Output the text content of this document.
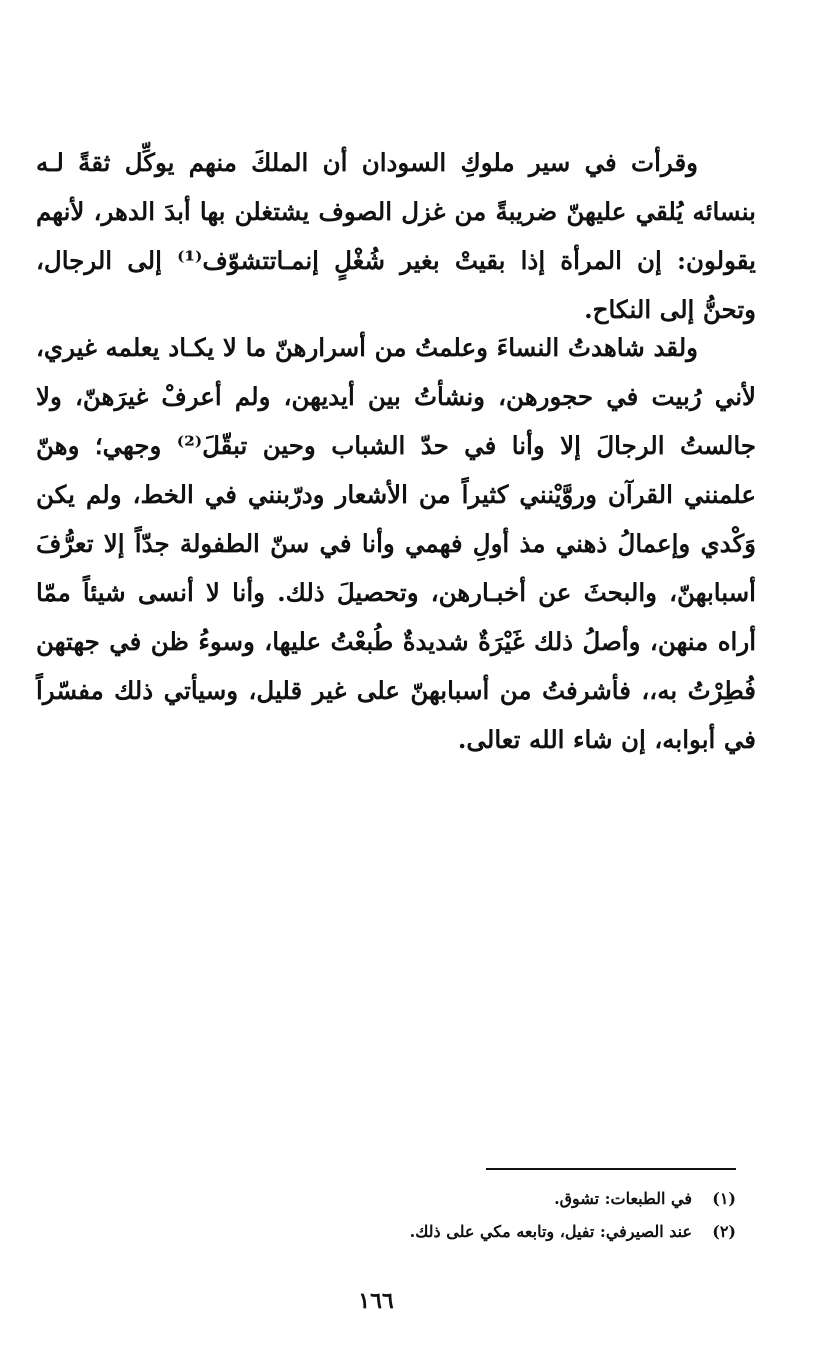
وقرأت في سير ملوكِ السودان أن الملكَ منهم يوكِّل ثقةً لـه بنسائه يُلقي عليهنّ ضريبةً من غزل الصوف يشتغلن بها أبدَ الدهر، لأنهم يقولون: إن المرأة إذا بقيتْ بغير شُغْلٍ إنمـاتتشوّف⁽¹⁾ إلى الرجال، وتحنُّ إلى النكاح.

ولقد شاهدتُ النساءَ وعلمتُ من أسرارهنّ ما لا يكـاد يعلمه غيري، لأني رُبيت في حجورهن، ونشأتُ بين أيديهن، ولم أعرفْ غيرَهنّ، ولا جالستُ الرجالَ إلا وأنا في حدّ الشباب وحين تبقّلَ⁽²⁾ وجهي؛ وهنّ علمنني القرآن وروَّيْنني كثيراً من الأشعار ودرّبنني في الخط، ولم يكن وَكْدي وإعمالُ ذهني مذ أولِ فهمي وأنا في سنّ الطفولة جدّاً إلا تعرُّفَ أسبابهنّ، والبحثَ عن أخبـارهن، وتحصيلَ ذلك. وأنا لا أنسى شيئاً ممّا أراه منهن، وأصلُ ذلك غَيْرَةٌ شديدةٌ طُبعْتُ عليها، وسوءُ ظن في جهتهن فُطِرْتُ به،، فأشرفتُ من أسبابهنّ على غير قليل، وسيأتي ذلك مفسّراً في أبوابه، إن شاء الله تعالى.

(١)
في الطبعات: تشوق.
(٢)
عند الصيرفي: تفيل، وتابعه مكي على ذلك.
١٦٦
